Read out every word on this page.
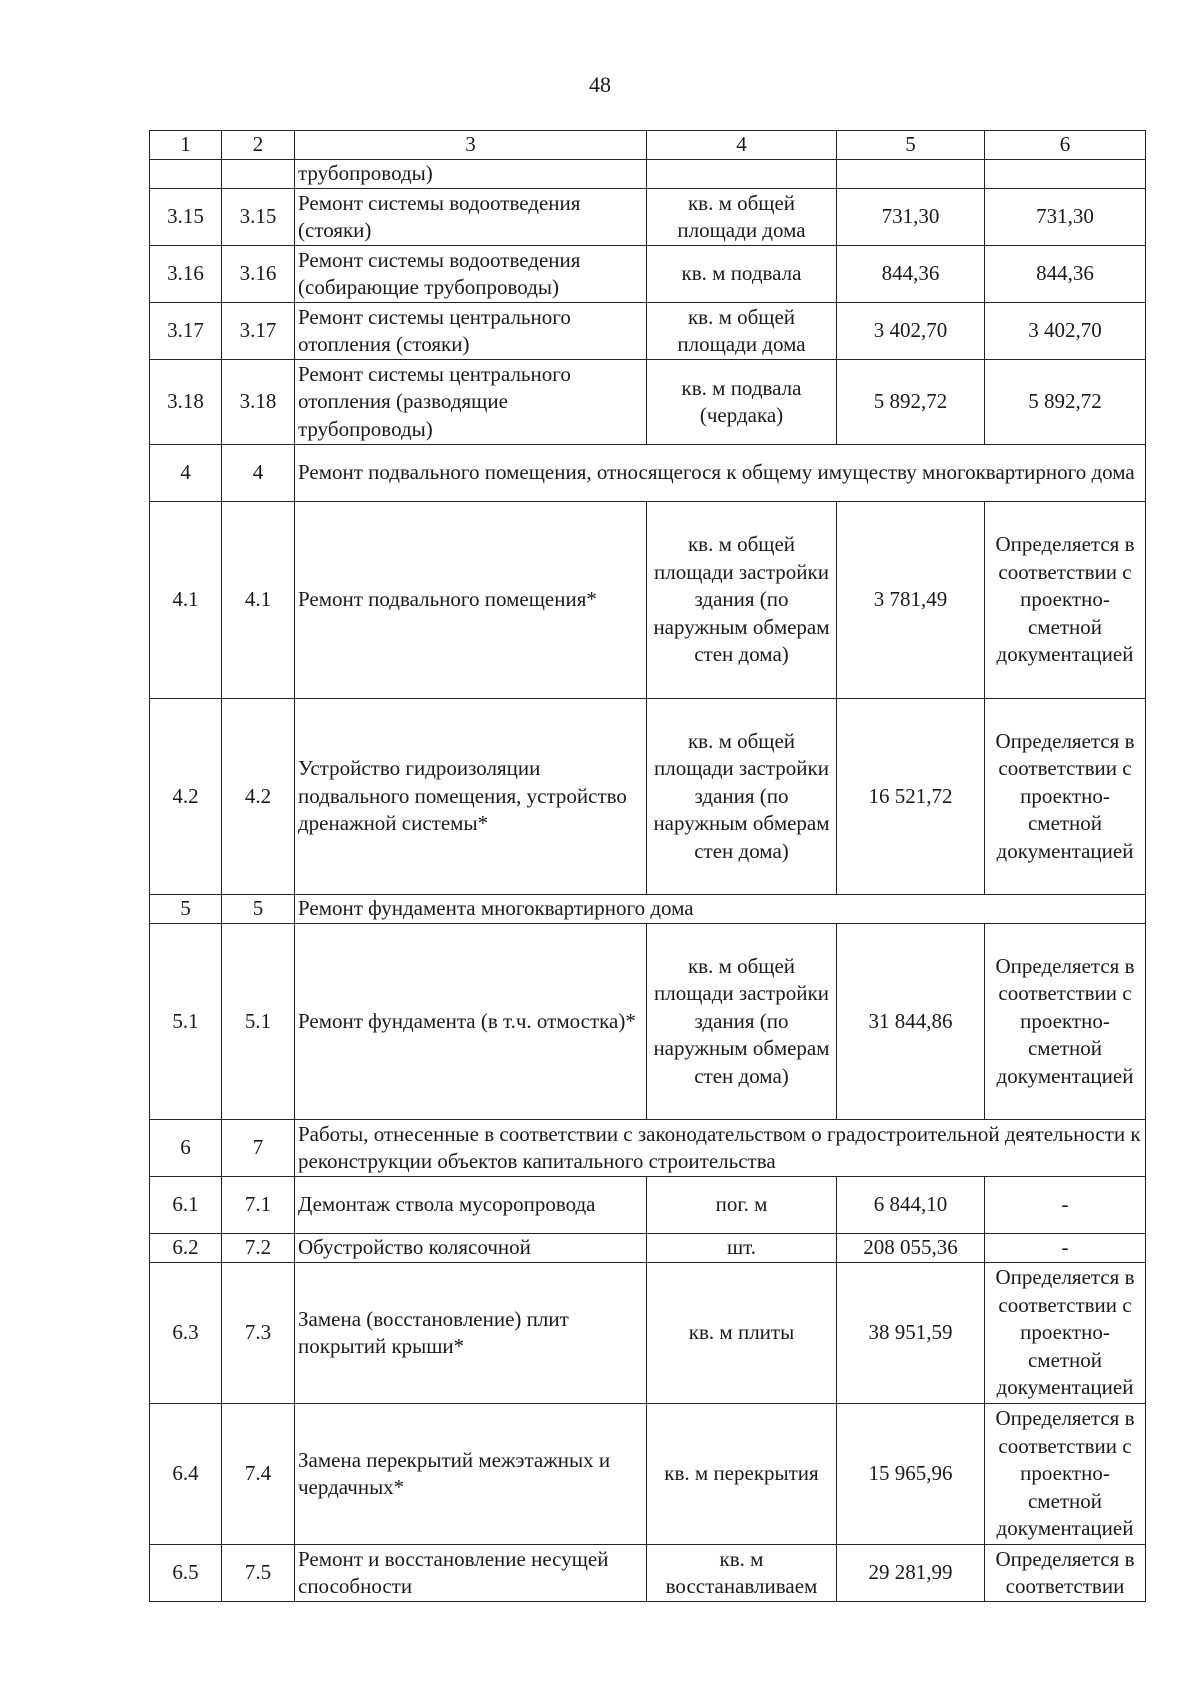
48
1	2	3	4	5	6
		трубопроводы)			
3.15	3.15	Ремонт системы водоотведения (стояки)	кв. м общей площади дома	731,30	731,30
3.16	3.16	Ремонт системы водоотведения (собирающие трубопроводы)	кв. м подвала	844,36	844,36
3.17	3.17	Ремонт системы центрального отопления (стояки)	кв. м общей площади дома	3 402,70	3 402,70
3.18	3.18	Ремонт системы центрального отопления (разводящие трубопроводы)	кв. м подвала (чердака)	5 892,72	5 892,72
4	4	Ремонт подвального помещения, относящегося к общему имуществу многоквартирного дома			
4.1	4.1	Ремонт подвального помещения*	кв. м общей площади застройки здания (по наружным обмерам стен дома)	3 781,49	Определяется в соответствии с проектно-сметной документацией
4.2	4.2	Устройство гидроизоляции подвального помещения, устройство дренажной системы*	кв. м общей площади застройки здания (по наружным обмерам стен дома)	16 521,72	Определяется в соответствии с проектно-сметной документацией
5	5	Ремонт фундамента многоквартирного дома			
5.1	5.1	Ремонт фундамента (в т.ч. отмостка)*	кв. м общей площади застройки здания (по наружным обмерам стен дома)	31 844,86	Определяется в соответствии с проектно-сметной документацией
6	7	Работы, отнесенные в соответствии с законодательством о градостроительной деятельности к реконструкции объектов капитального строительства			
6.1	7.1	Демонтаж ствола мусоропровода	пог. м	6 844,10	-
6.2	7.2	Обустройство колясочной	шт.	208 055,36	-
6.3	7.3	Замена (восстановление) плит покрытий крыши*	кв. м плиты	38 951,59	Определяется в соответствии с проектно-сметной документацией
6.4	7.4	Замена перекрытий межэтажных и чердачных*	кв. м перекрытия	15 965,96	Определяется в соответствии с проектно-сметной документацией
6.5	7.5	Ремонт и восстановление несущей способности	кв. м восстанавливаем	29 281,99	Определяется в соответствии
